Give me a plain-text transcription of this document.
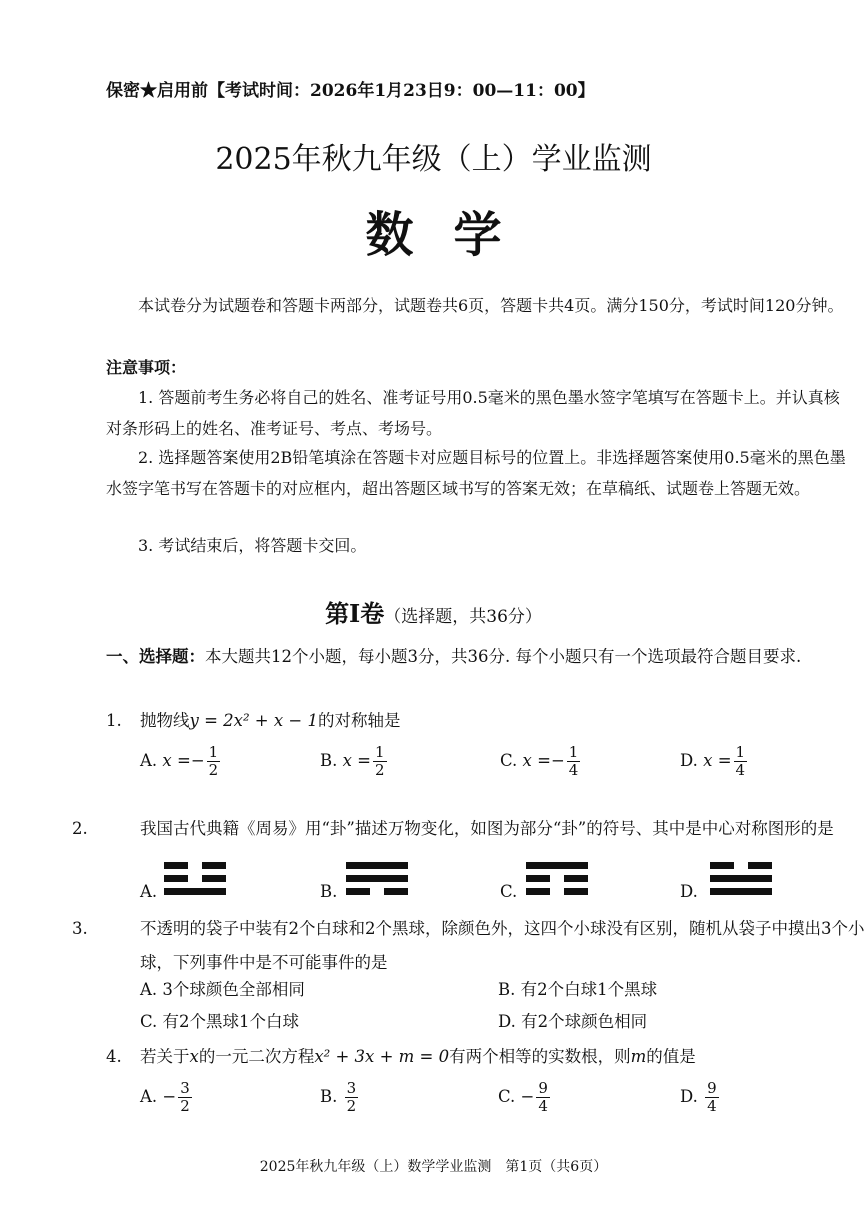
保密★启用前【考试时间：2026年1月23日9：00—11：00】
2025年秋九年级（上）学业监测
数学
本试卷分为试题卷和答题卡两部分，试题卷共6页，答题卡共4页。满分150分，考试时间120分钟。
注意事项：
1. 答题前考生务必将自己的姓名、准考证号用0.5毫米的黑色墨水签字笔填写在答题卡上。并认真核对条形码上的姓名、准考证号、考点、考场号。
2. 选择题答案使用2B铅笔填涂在答题卡对应题目标号的位置上。非选择题答案使用0.5毫米的黑色墨水签字笔书写在答题卡的对应框内，超出答题区域书写的答案无效；在草稿纸、试题卷上答题无效。
3. 考试结束后，将答题卡交回。
第Ⅰ卷（选择题，共36分）
一、选择题：本大题共12个小题，每小题3分，共36分. 每个小题只有一个选项最符合题目要求.
1. 抛物线y = 2x² + x − 1的对称轴是
A. $x =- \frac{1}{2}$	B. $x = \frac{1}{2}$	C. $x =- \frac{1}{4}$	D. $x = \frac{1}{4}$
2.	我国古代典籍《周易》用“卦”描述万物变化，如图为部分“卦”的符号、其中是中心对称图形的是
A.	B.	C.	D.
3.	不透明的袋子中装有2个白球和2个黑球，除颜色外，这四个小球没有区别，随机从袋子中摸出3个小球，下列事件中是不可能事件的是
A. 3个球颜色全部相同	B. 有2个白球1个黑球
C. 有2个黑球1个白球	D. 有2个球颜色相同
4. 若关于x的一元二次方程x² + 3x + m = 0有两个相等的实数根，则m的值是
A. − $\frac{3}{2}$	B. $\frac{3}{2}$	C. − $\frac{9}{4}$	D. $\frac{9}{4}$
2025年秋九年级（上）数学学业监测　第1页（共6页）
